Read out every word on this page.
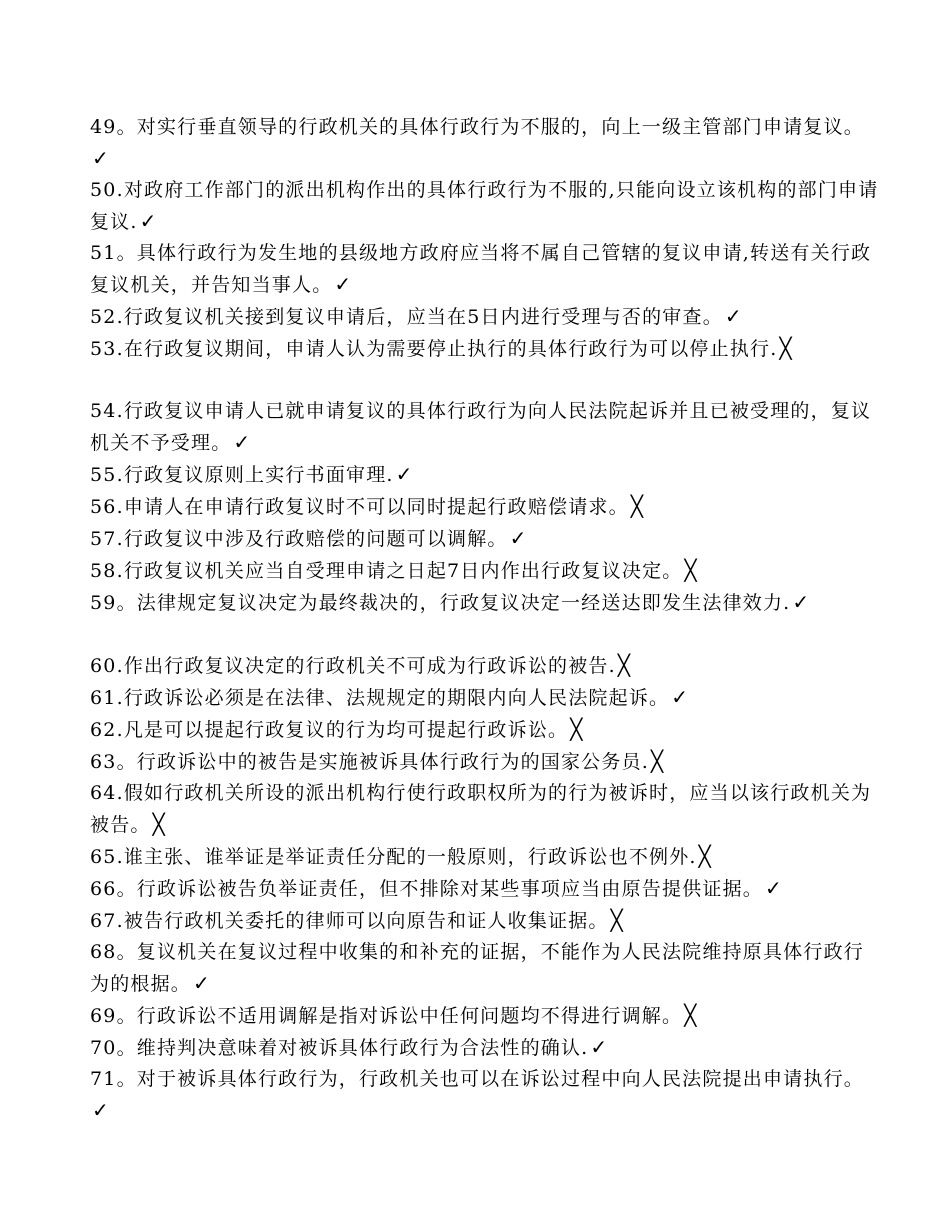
49。对实行垂直领导的行政机关的具体行政行为不服的，向上一级主管部门申请复议。✓
50.对政府工作部门的派出机构作出的具体行政行为不服的,只能向设立该机构的部门申请复议. ✓
51。具体行政行为发生地的县级地方政府应当将不属自己管辖的复议申请,转送有关行政复议机关，并告知当事人。 ✓
52.行政复议机关接到复议申请后，应当在5日内进行受理与否的审查。 ✓
53.在行政复议期间，申请人认为需要停止执行的具体行政行为可以停止执行. ╳
54.行政复议申请人已就申请复议的具体行政行为向人民法院起诉并且已被受理的，复议机关不予受理。 ✓
55.行政复议原则上实行书面审理. ✓
56.申请人在申请行政复议时不可以同时提起行政赔偿请求。 ╳
57.行政复议中涉及行政赔偿的问题可以调解。 ✓
58.行政复议机关应当自受理申请之日起7日内作出行政复议决定。 ╳
59。法律规定复议决定为最终裁决的，行政复议决定一经送达即发生法律效力. ✓
60.作出行政复议决定的行政机关不可成为行政诉讼的被告. ╳
61.行政诉讼必须是在法律、法规规定的期限内向人民法院起诉。 ✓
62.凡是可以提起行政复议的行为均可提起行政诉讼。 ╳
63。行政诉讼中的被告是实施被诉具体行政行为的国家公务员. ╳
64.假如行政机关所设的派出机构行使行政职权所为的行为被诉时，应当以该行政机关为被告。 ╳
65.谁主张、谁举证是举证责任分配的一般原则，行政诉讼也不例外. ╳
66。行政诉讼被告负举证责任，但不排除对某些事项应当由原告提供证据。 ✓
67.被告行政机关委托的律师可以向原告和证人收集证据。 ╳
68。复议机关在复议过程中收集的和补充的证据，不能作为人民法院维持原具体行政行为的根据。 ✓
69。行政诉讼不适用调解是指对诉讼中任何问题均不得进行调解。 ╳
70。维持判决意味着对被诉具体行政行为合法性的确认. ✓
71。对于被诉具体行政行为，行政机关也可以在诉讼过程中向人民法院提出申请执行。✓
